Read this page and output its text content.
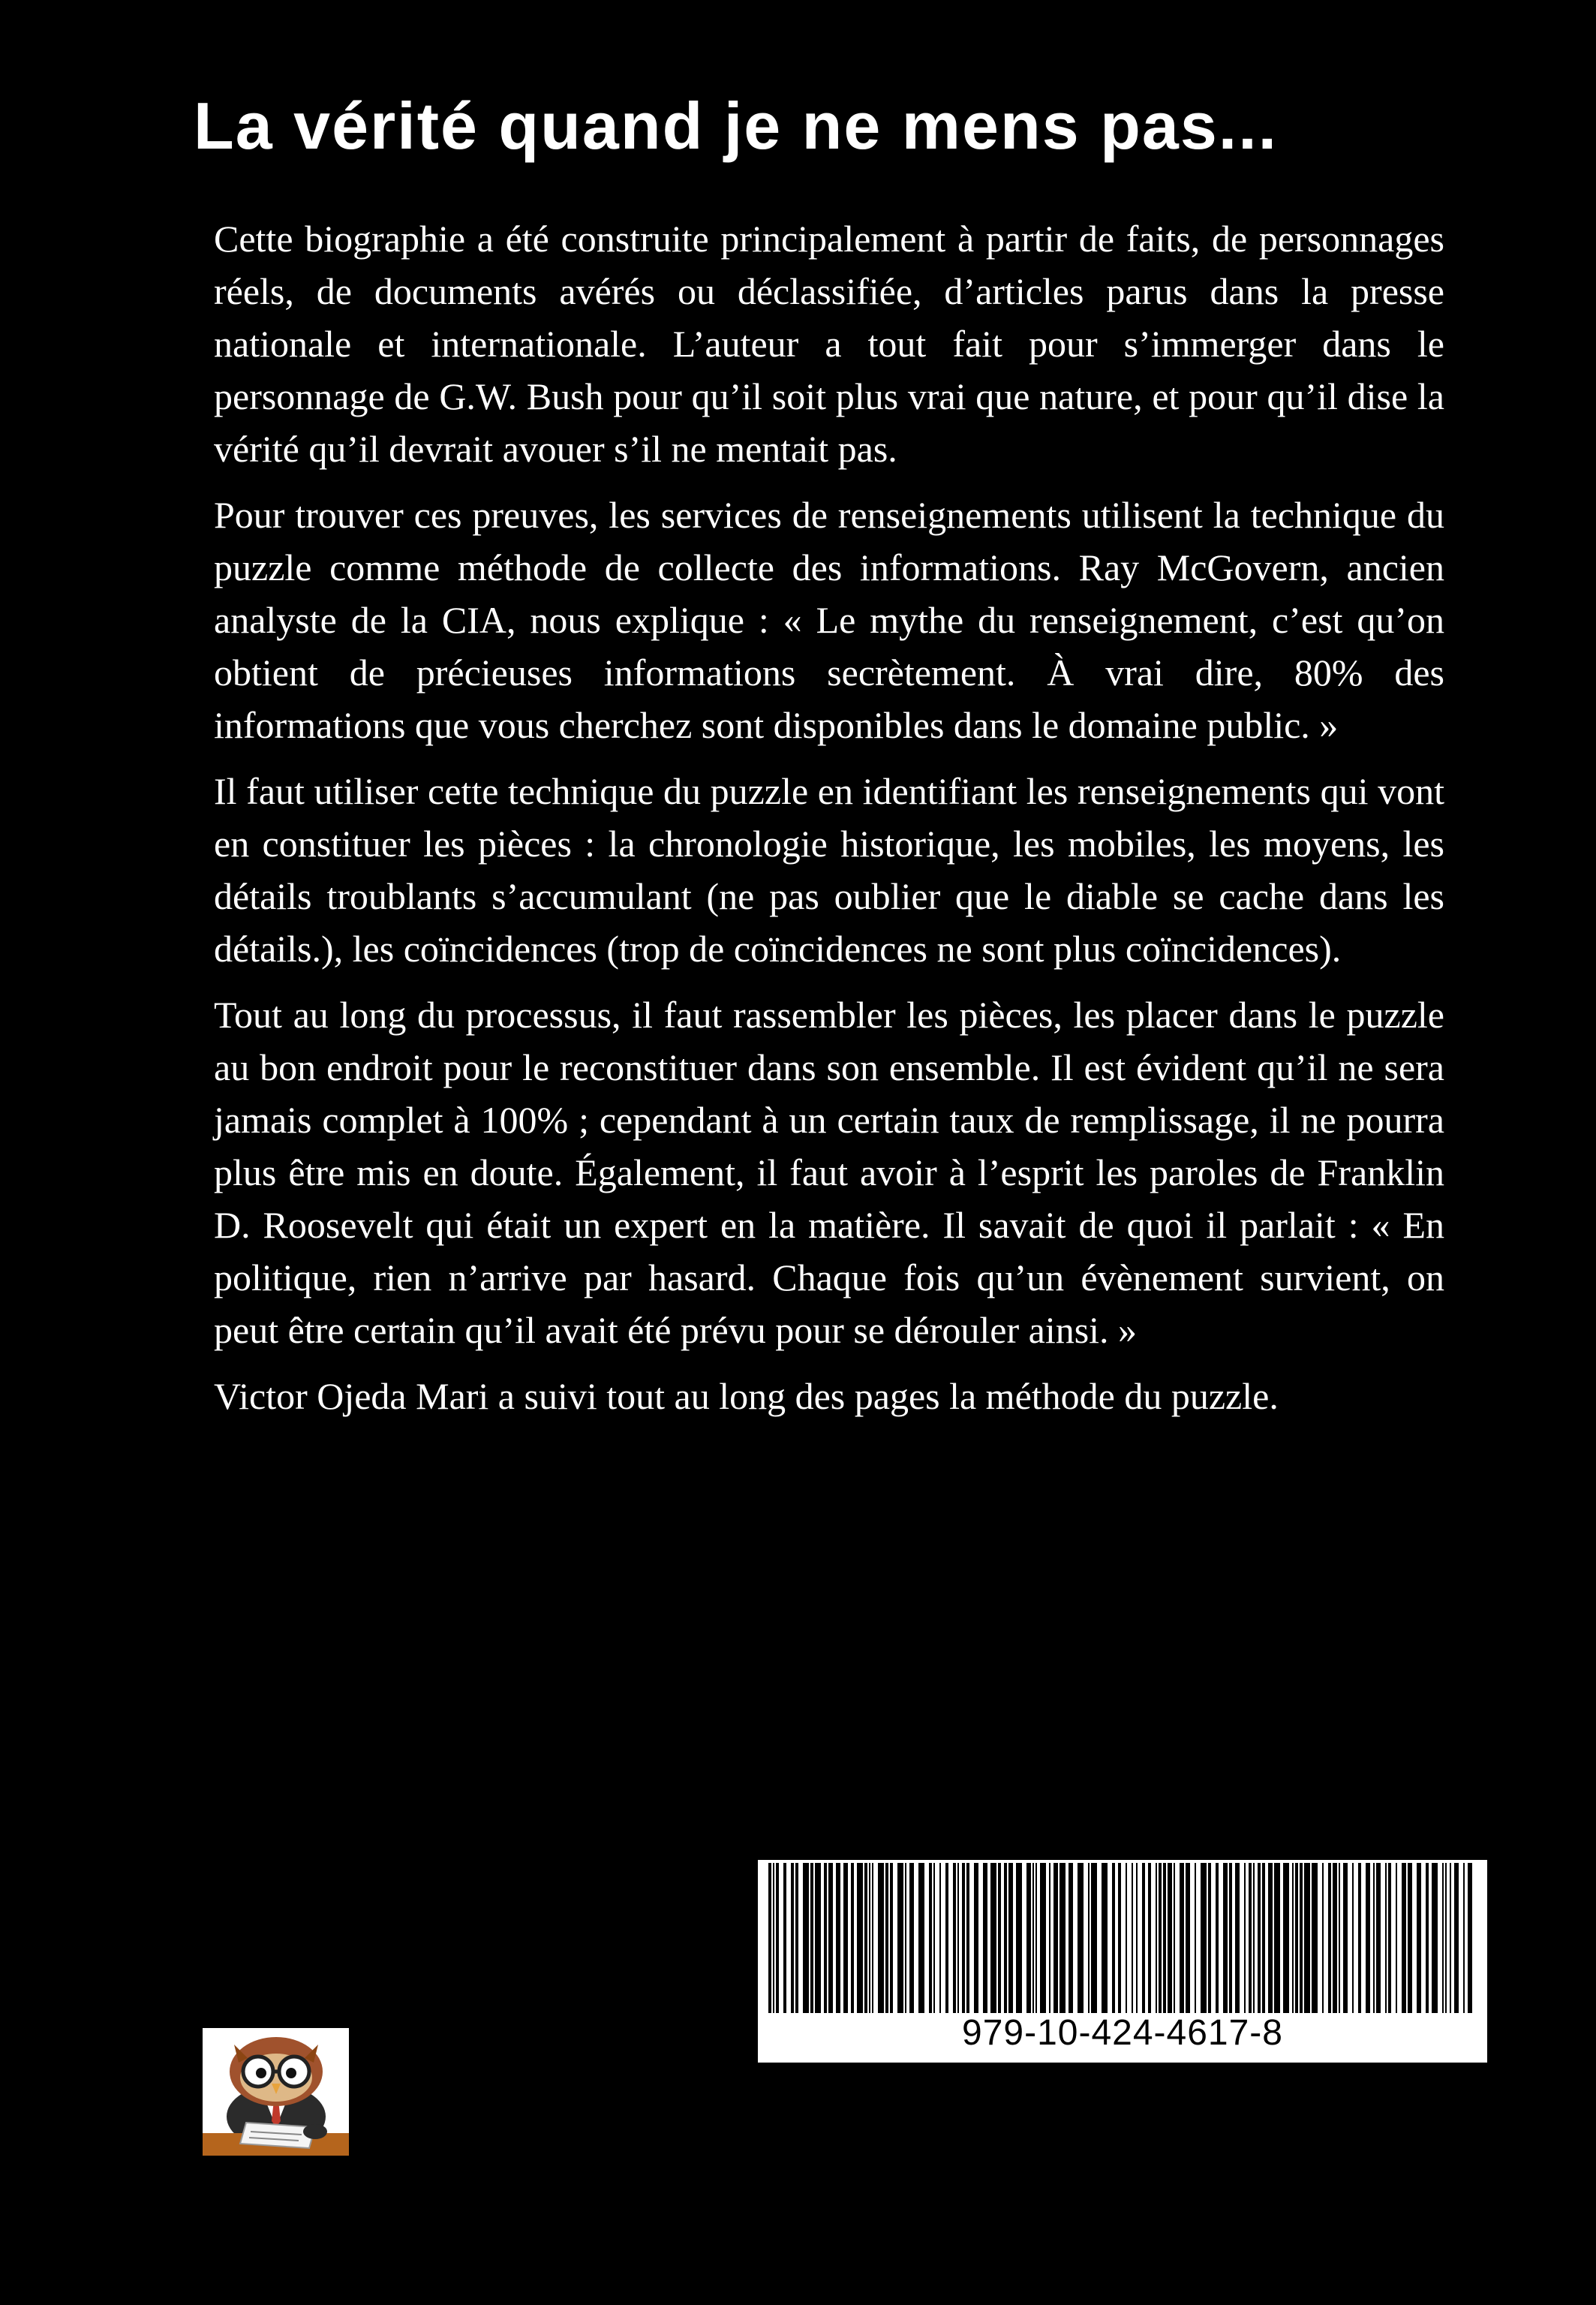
La vérité quand je ne mens pas...

Cette biographie a été construite principalement à partir de faits, de personnages réels, de documents avérés ou déclassifiée, d’articles parus dans la presse nationale et internationale. L’auteur a tout fait pour s’immerger dans le personnage de G.W. Bush pour qu’il soit plus vrai que nature, et pour qu’il dise la vérité qu’il devrait avouer s’il ne mentait pas.

Pour trouver ces preuves, les services de renseignements utilisent la technique du puzzle comme méthode de collecte des informations. Ray McGovern, ancien analyste de la CIA, nous explique : « Le mythe du renseignement, c’est qu’on obtient de précieuses informations secrètement. À vrai dire, 80% des informations que vous cherchez sont disponibles dans le domaine public. »

Il faut utiliser cette technique du puzzle en identifiant les renseignements qui vont en constituer les pièces : la chronologie historique, les mobiles, les moyens, les détails troublants s’accumulant (ne pas oublier que le diable se cache dans les détails.), les coïncidences (trop de coïncidences ne sont plus coïncidences).

Tout au long du processus, il faut rassembler les pièces, les placer dans le puzzle au bon endroit pour le reconstituer dans son ensemble. Il est évident qu’il ne sera jamais complet à 100% ; cependant à un certain taux de remplissage, il ne pourra plus être mis en doute. Également, il faut avoir à l’esprit les paroles de Franklin D. Roosevelt qui était un expert en la matière. Il savait de quoi il parlait : « En politique, rien n’arrive par hasard. Chaque fois qu’un évènement survient, on peut être certain qu’il avait été prévu pour se dérouler ainsi. »

Victor Ojeda Mari a suivi tout au long des pages la méthode du puzzle.

979-10-424-4617-8
